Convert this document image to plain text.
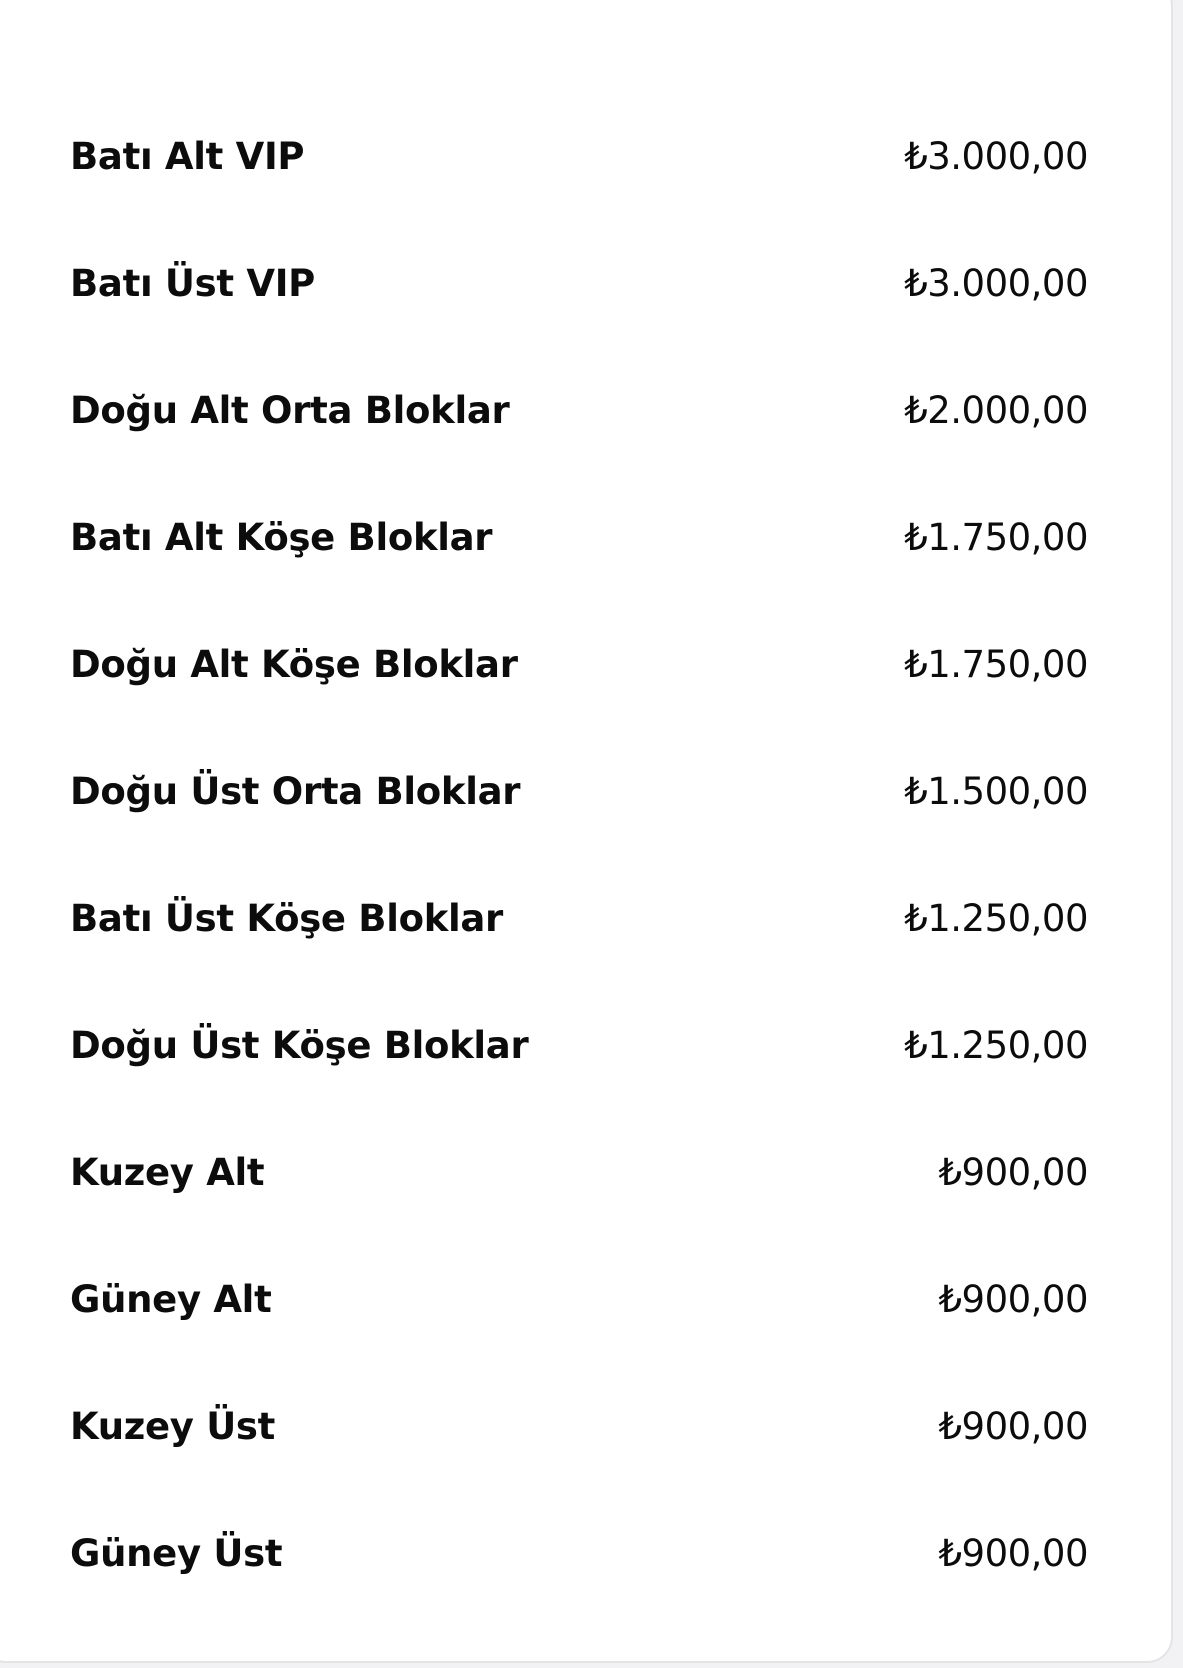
Batı Alt VIP	₺3.000,00
Batı Üst VIP	₺3.000,00
Doğu Alt Orta Bloklar	₺2.000,00
Batı Alt Köşe Bloklar	₺1.750,00
Doğu Alt Köşe Bloklar	₺1.750,00
Doğu Üst Orta Bloklar	₺1.500,00
Batı Üst Köşe Bloklar	₺1.250,00
Doğu Üst Köşe Bloklar	₺1.250,00
Kuzey Alt	₺900,00
Güney Alt	₺900,00
Kuzey Üst	₺900,00
Güney Üst	₺900,00
